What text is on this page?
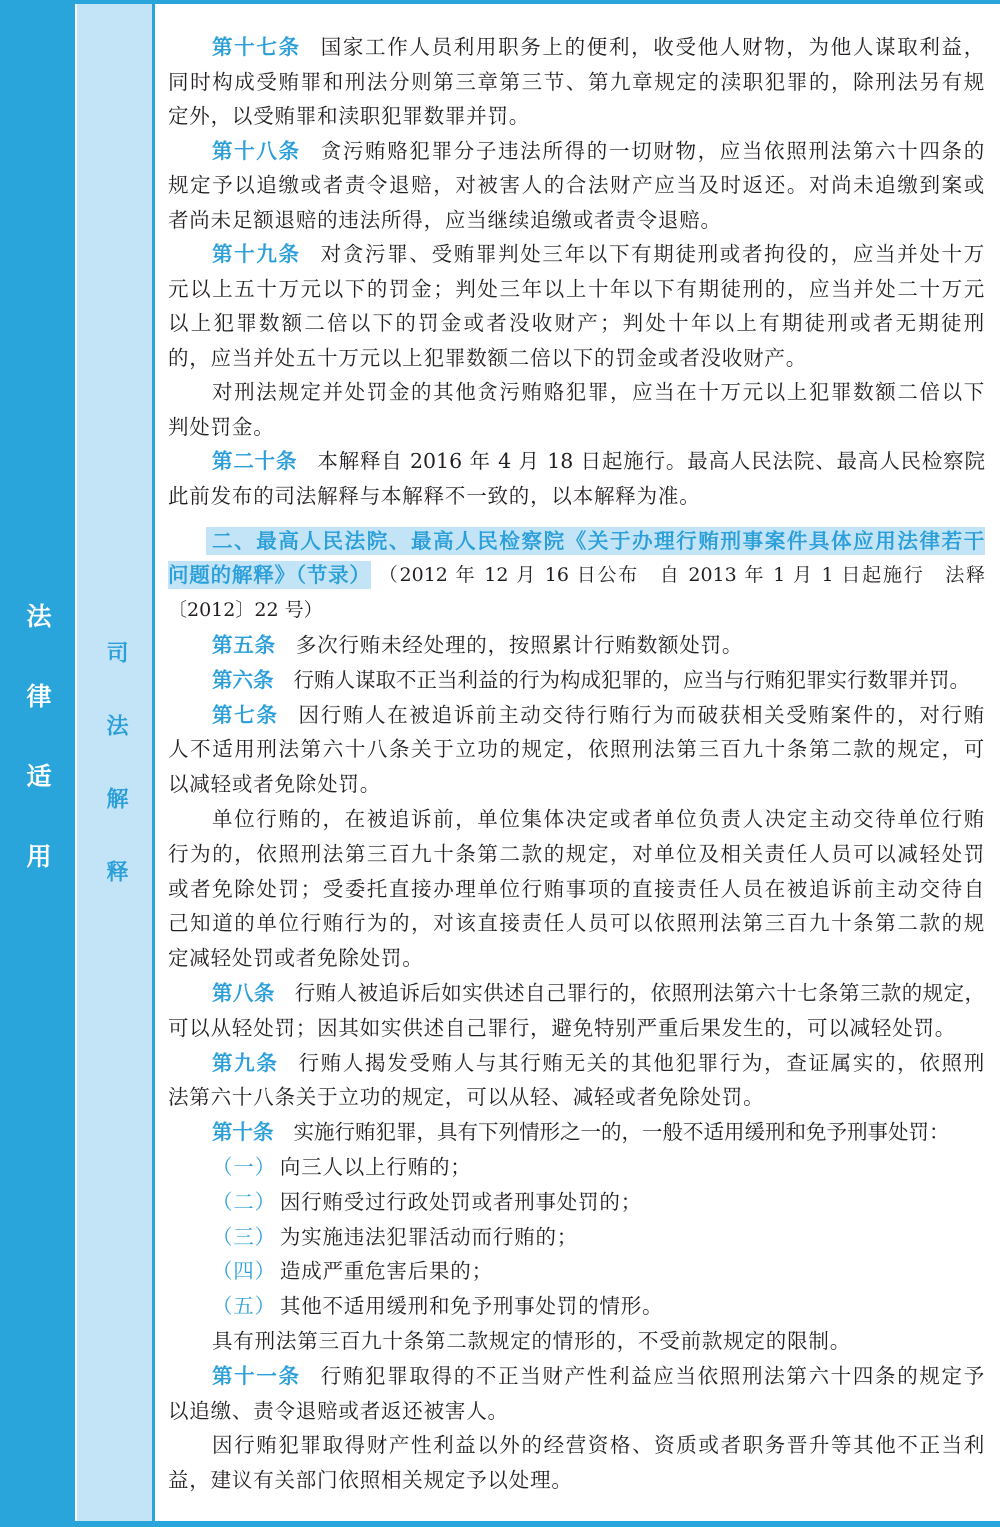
法律适用 司法解释
第十七条 国家工作人员利用职务上的便利，收受他人财物，为他人谋取利益，
同时构成受贿罪和刑法分则第三章第三节、第九章规定的渎职犯罪的，除刑法另有规
定外，以受贿罪和渎职犯罪数罪并罚。
第十八条 贪污贿赂犯罪分子违法所得的一切财物，应当依照刑法第六十四条的
规定予以追缴或者责令退赔，对被害人的合法财产应当及时返还。对尚未追缴到案或
者尚未足额退赔的违法所得，应当继续追缴或者责令退赔。
第十九条 对贪污罪、受贿罪判处三年以下有期徒刑或者拘役的，应当并处十万
元以上五十万元以下的罚金；判处三年以上十年以下有期徒刑的，应当并处二十万元
以上犯罪数额二倍以下的罚金或者没收财产；判处十年以上有期徒刑或者无期徒刑
的，应当并处五十万元以上犯罪数额二倍以下的罚金或者没收财产。
对刑法规定并处罚金的其他贪污贿赂犯罪，应当在十万元以上犯罪数额二倍以下
判处罚金。
第二十条 本解释自 2016 年 4 月 18 日起施行。最高人民法院、最高人民检察院
此前发布的司法解释与本解释不一致的，以本解释为准。
二、最高人民法院、最高人民检察院《关于办理行贿刑事案件具体应用法律若干
问题的解释》（节录） （2012 年 12 月 16 日公布　自 2013 年 1 月 1 日起施行　法释
〔2012〕22 号）
第五条 多次行贿未经处理的，按照累计行贿数额处罚。
第六条 行贿人谋取不正当利益的行为构成犯罪的，应当与行贿犯罪实行数罪并罚。
第七条 因行贿人在被追诉前主动交待行贿行为而破获相关受贿案件的，对行贿
人不适用刑法第六十八条关于立功的规定，依照刑法第三百九十条第二款的规定，可
以减轻或者免除处罚。
单位行贿的，在被追诉前，单位集体决定或者单位负责人决定主动交待单位行贿
行为的，依照刑法第三百九十条第二款的规定，对单位及相关责任人员可以减轻处罚
或者免除处罚；受委托直接办理单位行贿事项的直接责任人员在被追诉前主动交待自
己知道的单位行贿行为的，对该直接责任人员可以依照刑法第三百九十条第二款的规
定减轻处罚或者免除处罚。
第八条 行贿人被追诉后如实供述自己罪行的，依照刑法第六十七条第三款的规定，
可以从轻处罚；因其如实供述自己罪行，避免特别严重后果发生的，可以减轻处罚。
第九条 行贿人揭发受贿人与其行贿无关的其他犯罪行为，查证属实的，依照刑
法第六十八条关于立功的规定，可以从轻、减轻或者免除处罚。
第十条 实施行贿犯罪，具有下列情形之一的，一般不适用缓刑和免予刑事处罚：
（一） 向三人以上行贿的；
（二） 因行贿受过行政处罚或者刑事处罚的；
（三） 为实施违法犯罪活动而行贿的；
（四） 造成严重危害后果的；
（五） 其他不适用缓刑和免予刑事处罚的情形。
具有刑法第三百九十条第二款规定的情形的，不受前款规定的限制。
第十一条 行贿犯罪取得的不正当财产性利益应当依照刑法第六十四条的规定予
以追缴、责令退赔或者返还被害人。
因行贿犯罪取得财产性利益以外的经营资格、资质或者职务晋升等其他不正当利
益，建议有关部门依照相关规定予以处理。
